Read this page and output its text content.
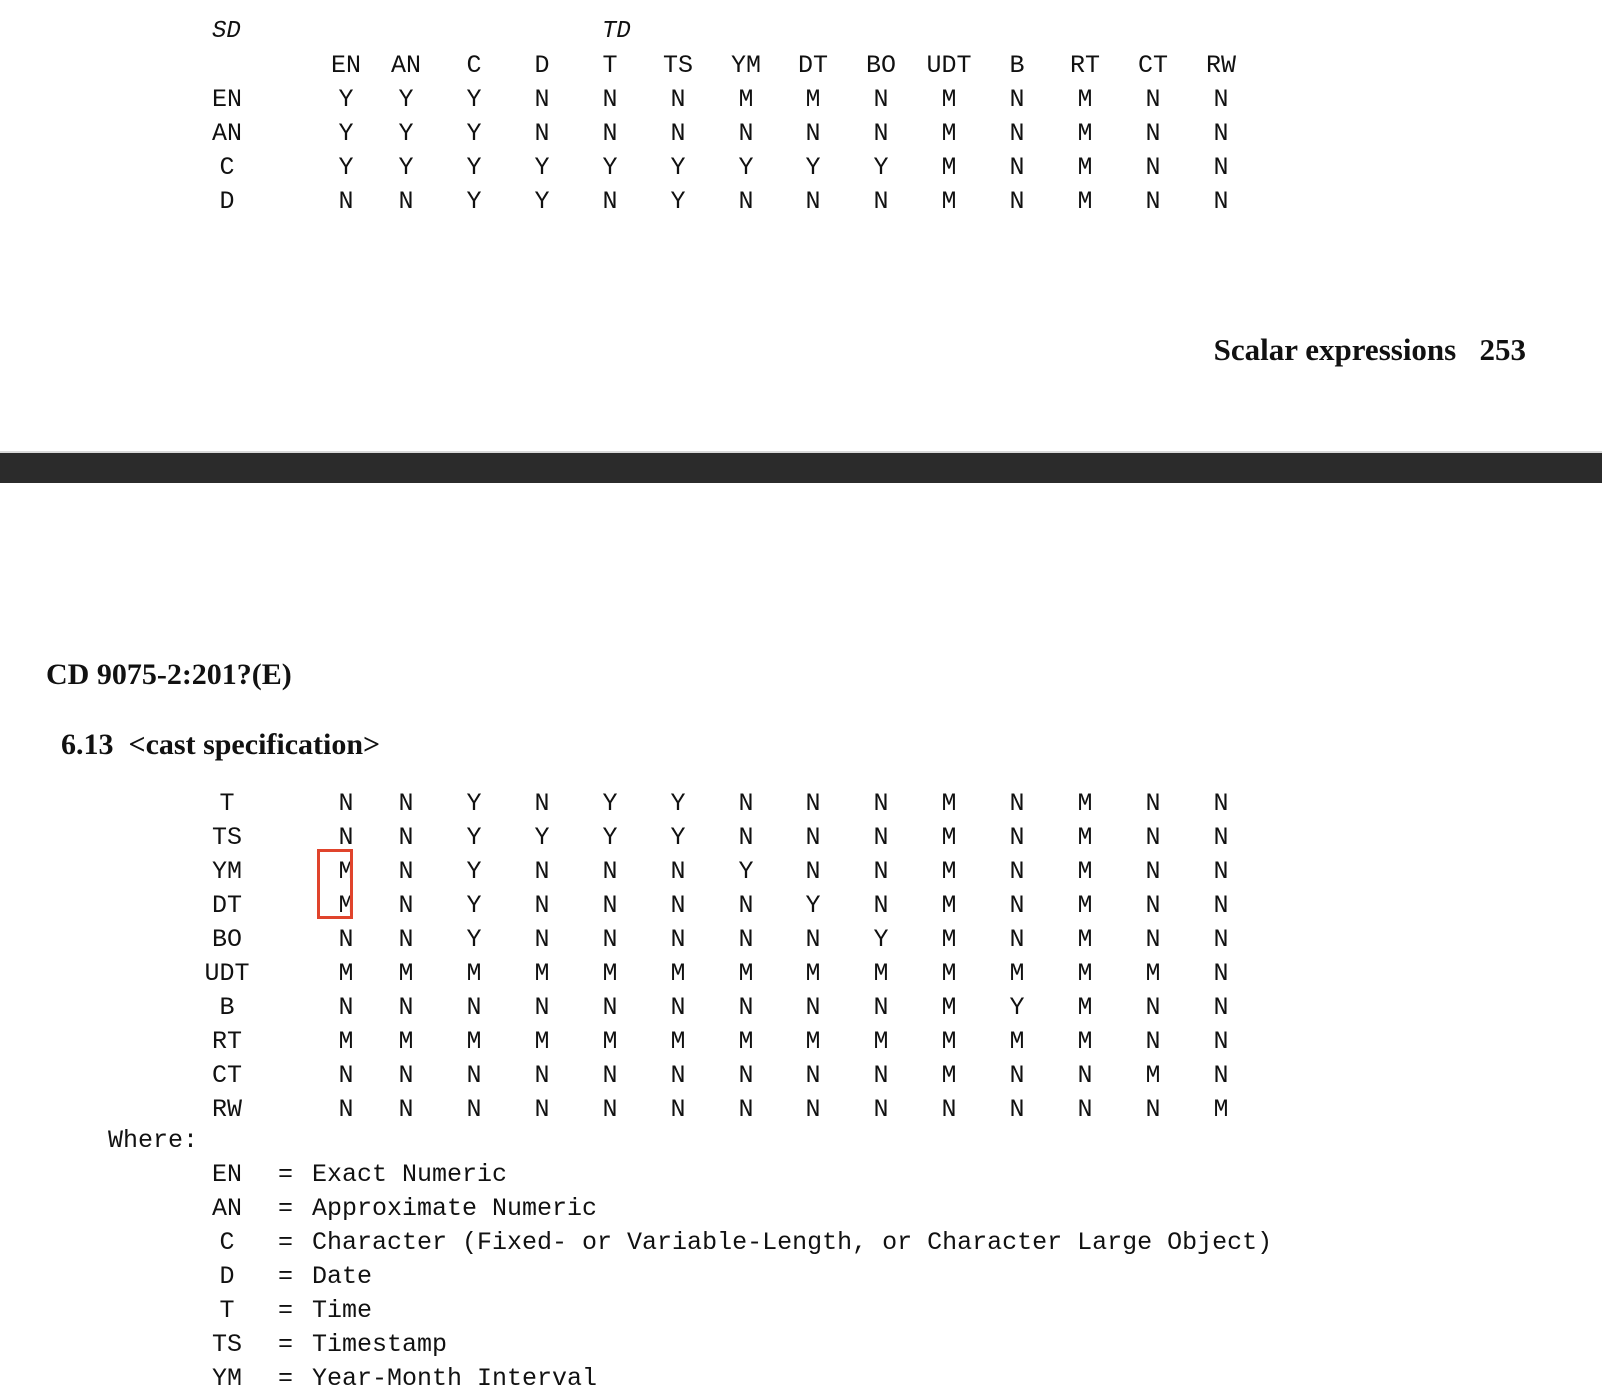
SD	TD
EN AN C D T TS YM DT BO UDT B RT CT RW
EN	Y Y Y N N N M M N M N M N N
AN	Y Y Y N N N N N N M N M N N
C	Y Y Y Y Y Y Y Y Y M N M N N
D	N N Y Y N Y N N N M N M N N

Scalar expressions 253

CD 9075-2:201?(E)

6.13 <cast specification>

T	N N Y N Y Y N N N M N M N N
TS	N N Y Y Y Y N N N M N M N N
YM	M N Y N N N Y N N M N M N N
DT	M N Y N N N N Y N M N M N N
BO	N N Y N N N N N Y M N M N N
UDT	M M M M M M M M M M M M M N
B	N N N N N N N N N M Y M N N
RT	M M M M M M M M M M M M N N
CT	N N N N N N N N N M N N M N
RW	N N N N N N N N N N N N N M
Where:
EN = Exact Numeric
AN = Approximate Numeric
C = Character (Fixed- or Variable-Length, or Character Large Object)
D = Date
T = Time
TS = Timestamp
YM = Year-Month Interval
